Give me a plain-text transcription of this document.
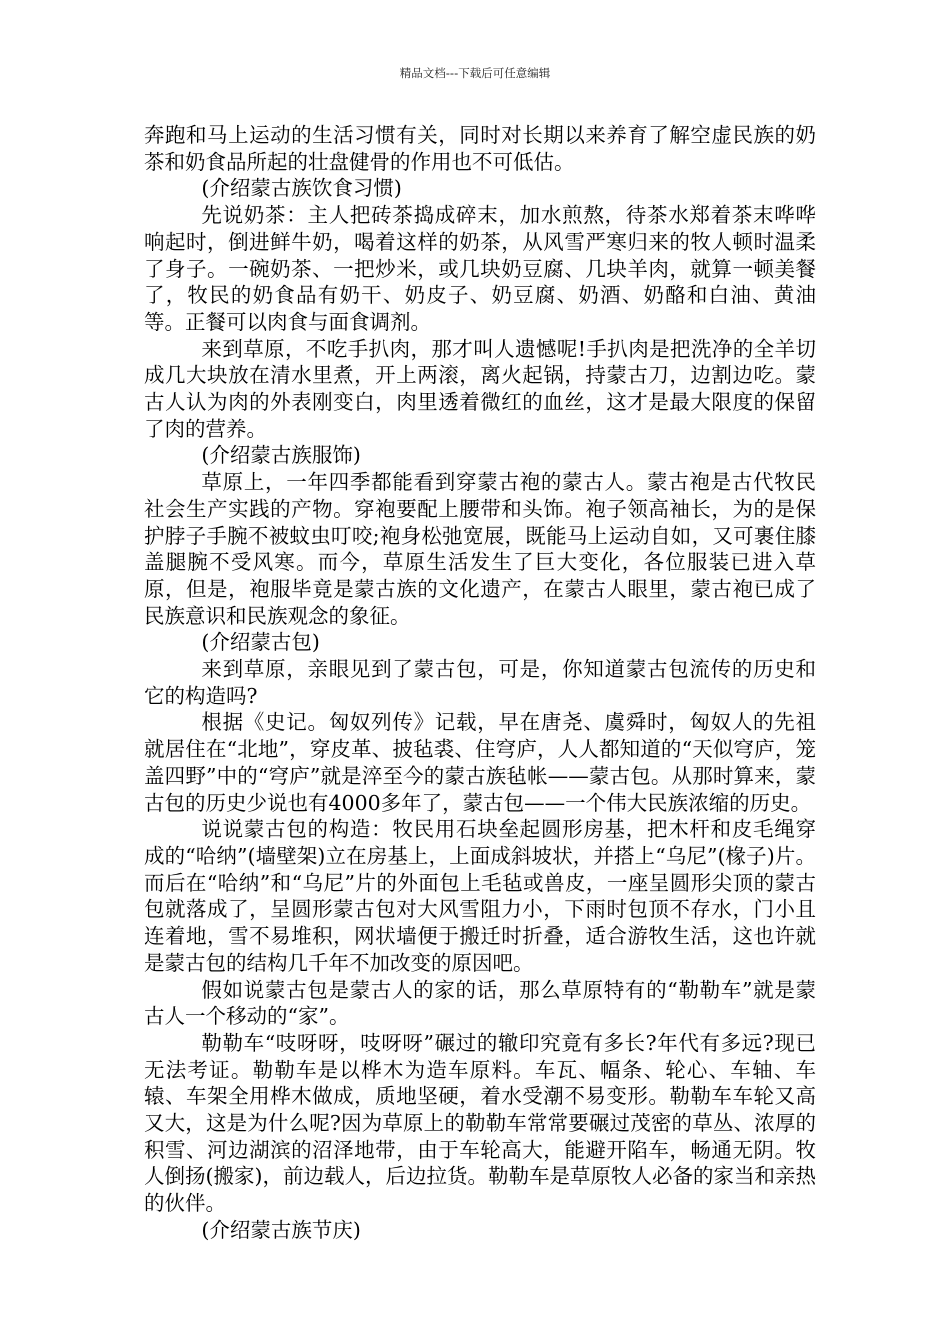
精品文档---下载后可任意编辑

奔跑和马上运动的生活习惯有关，同时对长期以来养育了解空虚民族的奶茶和奶食品所起的壮盘健骨的作用也不可低估。

(介绍蒙古族饮食习惯)

先说奶茶：主人把砖茶捣成碎末，加水煎熬，待茶水郑着茶末哗哗响起时，倒进鲜牛奶，喝着这样的奶茶，从风雪严寒归来的牧人顿时温柔了身子。一碗奶茶、一把炒米，或几块奶豆腐、几块羊肉，就算一顿美餐了，牧民的奶食品有奶干、奶皮子、奶豆腐、奶酒、奶酪和白油、黄油等。正餐可以肉食与面食调剂。

来到草原，不吃手扒肉，那才叫人遗憾呢!手扒肉是把洗净的全羊切成几大块放在清水里煮，开上两滚，离火起锅，持蒙古刀，边割边吃。蒙古人认为肉的外表刚变白，肉里透着微红的血丝，这才是最大限度的保留了肉的营养。

(介绍蒙古族服饰)

草原上，一年四季都能看到穿蒙古袍的蒙古人。蒙古袍是古代牧民社会生产实践的产物。穿袍要配上腰带和头饰。袍子领高袖长，为的是保护脖子手腕不被蚊虫叮咬;袍身松弛宽展，既能马上运动自如，又可裹住膝盖腿腕不受风寒。而今，草原生活发生了巨大变化，各位服装已进入草原，但是，袍服毕竟是蒙古族的文化遗产，在蒙古人眼里，蒙古袍已成了民族意识和民族观念的象征。

(介绍蒙古包)

来到草原，亲眼见到了蒙古包，可是，你知道蒙古包流传的历史和它的构造吗?

根据《史记。匈奴列传》记载，早在唐尧、虞舜时，匈奴人的先祖就居住在“北地”，穿皮革、披毡裘、住穹庐，人人都知道的“天似穹庐，笼盖四野”中的“穹庐”就是淬至今的蒙古族毡帐——蒙古包。从那时算来，蒙古包的历史少说也有4000多年了，蒙古包——一个伟大民族浓缩的历史。

说说蒙古包的构造：牧民用石块垒起圆形房基，把木杆和皮毛绳穿成的“哈纳”(墙壁架)立在房基上，上面成斜坡状，并搭上“乌尼”(椽子)片。而后在“哈纳”和“乌尼”片的外面包上毛毡或兽皮，一座呈圆形尖顶的蒙古包就落成了，呈圆形蒙古包对大风雪阻力小，下雨时包顶不存水，门小且连着地，雪不易堆积，网状墙便于搬迁时折叠，适合游牧生活，这也许就是蒙古包的结构几千年不加改变的原因吧。

假如说蒙古包是蒙古人的家的话，那么草原特有的“勒勒车”就是蒙古人一个移动的“家”。

勒勒车“吱呀呀，吱呀呀”碾过的辙印究竟有多长?年代有多远?现已无法考证。勒勒车是以桦木为造车原料。车瓦、幅条、轮心、车轴、车辕、车架全用桦木做成，质地坚硬，着水受潮不易变形。勒勒车车轮又高又大，这是为什么呢?因为草原上的勒勒车常常要碾过茂密的草丛、浓厚的积雪、河边湖滨的沼泽地带，由于车轮高大，能避开陷车，畅通无阴。牧人倒扬(搬家)，前边载人，后边拉货。勒勒车是草原牧人必备的家当和亲热的伙伴。

(介绍蒙古族节庆)
